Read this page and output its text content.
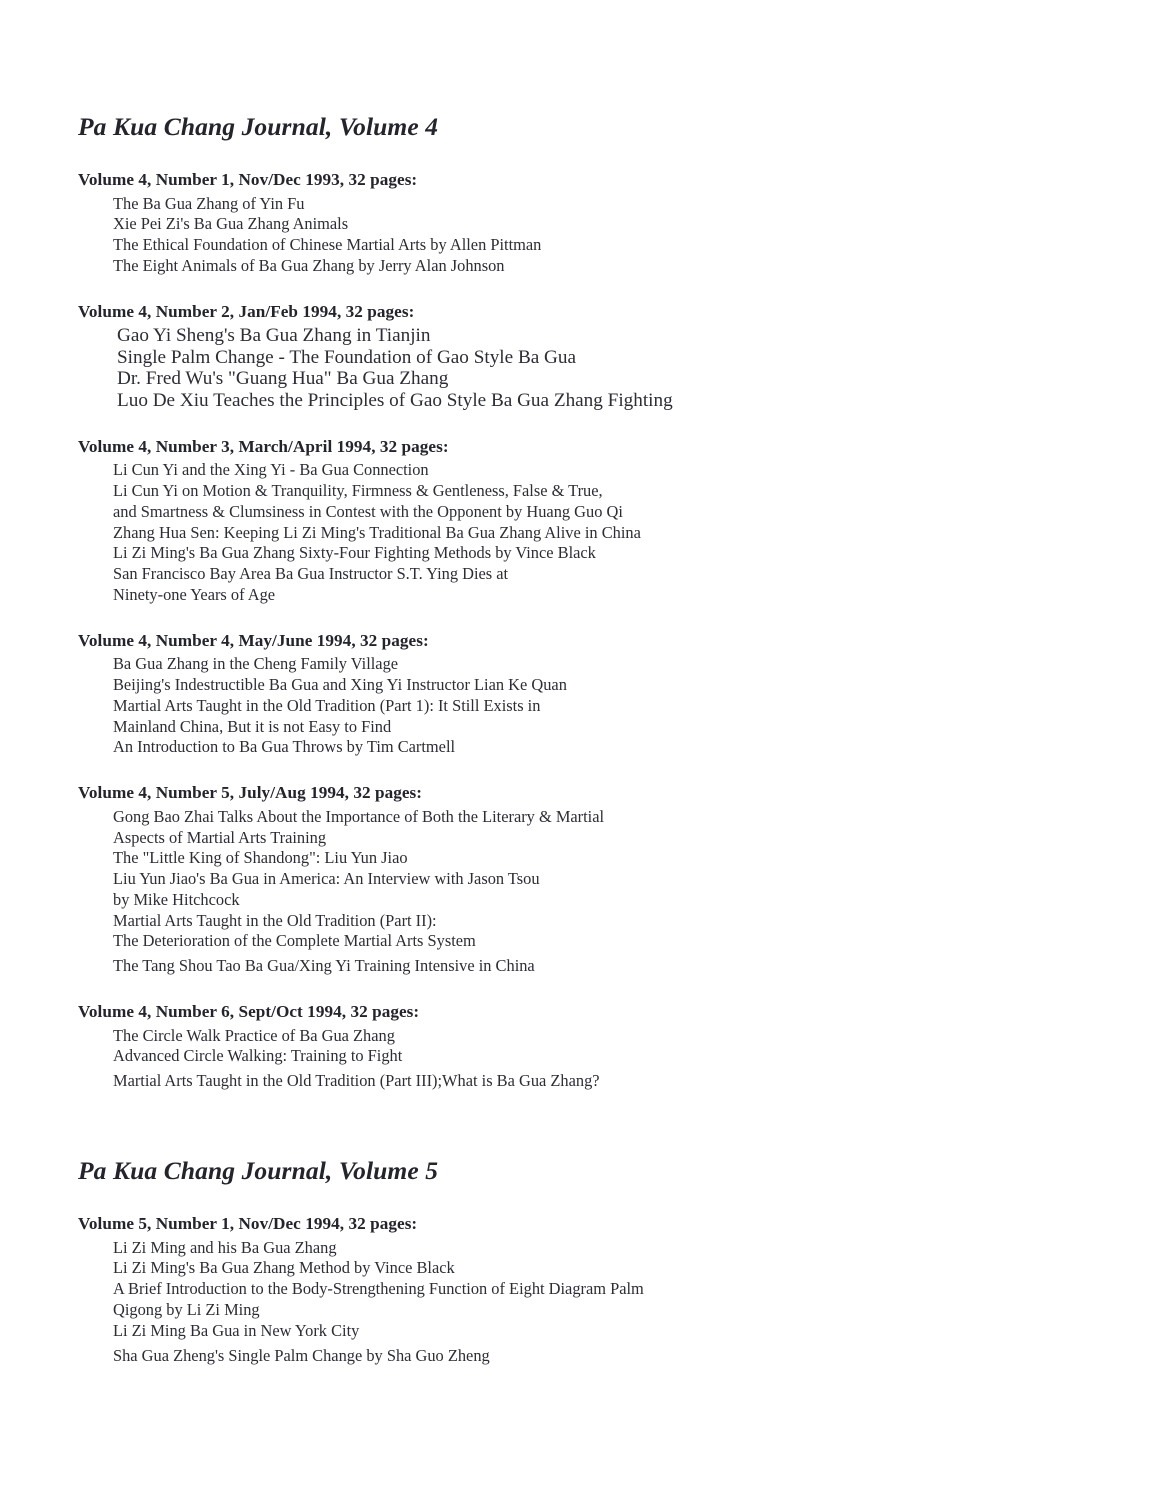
Pa Kua Chang Journal, Volume 4
Volume 4, Number 1, Nov/Dec 1993, 32 pages:
The Ba Gua Zhang of Yin Fu
Xie Pei Zi's Ba Gua Zhang Animals
The Ethical Foundation of Chinese Martial Arts by Allen Pittman
The Eight Animals of Ba Gua Zhang by Jerry Alan Johnson
Volume 4, Number 2, Jan/Feb 1994, 32 pages:
Gao Yi Sheng's Ba Gua Zhang in Tianjin
Single Palm Change - The Foundation of Gao Style Ba Gua
Dr. Fred Wu's "Guang Hua" Ba Gua Zhang
Luo De Xiu Teaches the Principles of Gao Style Ba Gua Zhang Fighting
Volume 4, Number 3, March/April 1994, 32 pages:
Li Cun Yi and the Xing Yi - Ba Gua Connection
Li Cun Yi on Motion & Tranquility, Firmness & Gentleness, False & True,
and Smartness & Clumsiness in Contest with the Opponent by Huang Guo Qi
Zhang Hua Sen: Keeping Li Zi Ming's Traditional Ba Gua Zhang Alive in China
Li Zi Ming's Ba Gua Zhang Sixty-Four Fighting Methods by Vince Black
San Francisco Bay Area Ba Gua Instructor S.T. Ying Dies at
Ninety-one Years of Age
Volume 4, Number 4, May/June 1994, 32 pages:
Ba Gua Zhang in the Cheng Family Village
Beijing's Indestructible Ba Gua and Xing Yi Instructor Lian Ke Quan
Martial Arts Taught in the Old Tradition (Part 1): It Still Exists in
Mainland China, But it is not Easy to Find
An Introduction to Ba Gua Throws by Tim Cartmell
Volume 4, Number 5, July/Aug 1994, 32 pages:
Gong Bao Zhai Talks About the Importance of Both the Literary & Martial
Aspects of Martial Arts Training
The "Little King of Shandong": Liu Yun Jiao
Liu Yun Jiao's Ba Gua in America: An Interview with Jason Tsou
by Mike Hitchcock
Martial Arts Taught in the Old Tradition (Part II):
The Deterioration of the Complete Martial Arts System
The Tang Shou Tao Ba Gua/Xing Yi Training Intensive in China
Volume 4, Number 6, Sept/Oct 1994, 32 pages:
The Circle Walk Practice of Ba Gua Zhang
Advanced Circle Walking: Training to Fight
Martial Arts Taught in the Old Tradition (Part III);What is Ba Gua Zhang?
Pa Kua Chang Journal, Volume 5
Volume 5, Number 1, Nov/Dec 1994, 32 pages:
Li Zi Ming and his Ba Gua Zhang
Li Zi Ming's Ba Gua Zhang Method by Vince Black
A Brief Introduction to the Body-Strengthening Function of Eight Diagram Palm
Qigong by Li Zi Ming
Li Zi Ming Ba Gua in New York City
Sha Gua Zheng's Single Palm Change by Sha Guo Zheng
